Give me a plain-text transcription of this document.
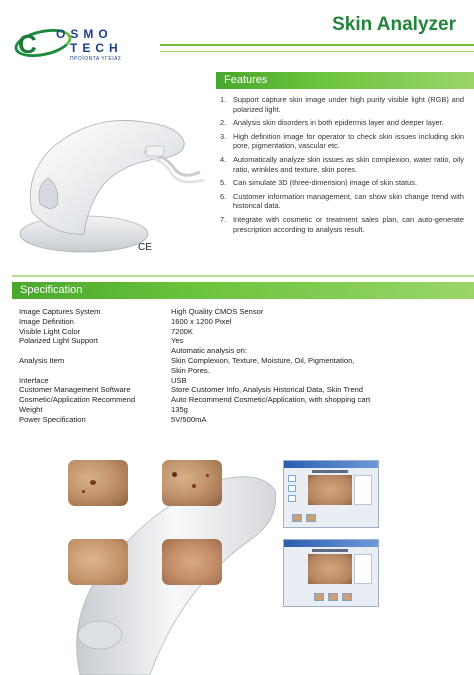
C OSMO
TECH
ΠΡΟΪΟΝΤΑ ΥΓΕΙΑΣ
Skin Analyzer
CE
Features
1. Support capture skin image under high purity visible light (RGB) and polarized light.
2. Analysis skin disorders in both epidermis layer and deeper layer.
3. High definition image for operator to check skin issues including skin pore, pigmentation, vascular etc.
4. Automatically analyze skin issues as skin complexion, water ratio, oily ratio, wrinkles and texture, skin pores.
5. Can simulate 3D (three-dimension) image of skin status.
6. Customer information management, can show skin change trend with historical data.
7. Integrate with cosmetic or treatment sales plan, can auto-generate prescription according to analysis result.
Specification
Image Captures System	High Quality CMOS Sensor
Image Definition	1600 x 1200 Pixel
Visible Light Color	7200K
Polarized Light Support	Yes
Automatic analysis on:
Analysis Item	Skin Complexion, Texture, Moisture, Oil, Pigmentation,
Skin Pores.
Interface	USB
Customer Management Software	Store Customer Info, Analysis Historical Data, Skin Trend
Cosmetic/Application Recommend	Auto Recommend Cosmetic/Application, with shopping cart
Weight	135g
Power Specification	5V/500mA
